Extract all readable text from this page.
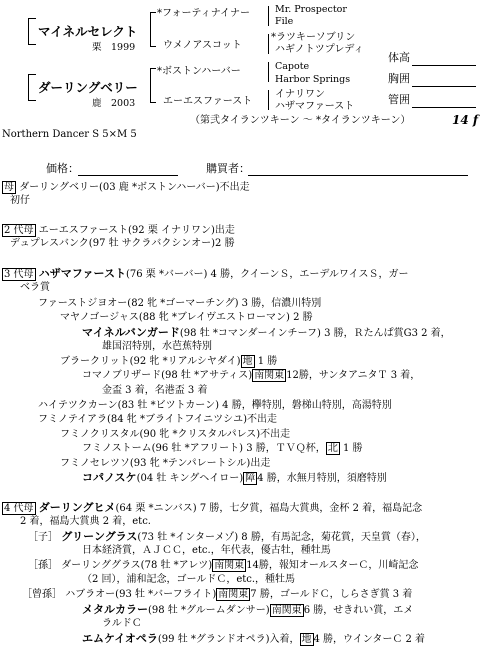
マイネルセレクト
栗　1999
ダーリングベリー
鹿　2003
*フォーティナイナー	Mr. Prospector
File
ウメノアスコット
*ラツキーソブリン
ハギノトツプレディ
*ボストンハーバー	Capote
Harbor Springs
エーエスファースト
イナリワン
ハザマファースト
体高
胸囲
管囲
（第弐タイランツキーン ～ *タイランツキーン）	14 f
Northern Dancer S 5×M 5
価格：	購買者：
母 ダーリングベリー(03 鹿 *ボストンハーバー)不出走
初仔
2 代母 エーエスファースト(92 栗 イナリワン)出走
デュプレスバンク(97 牡 サクラバクシンオー)2 勝
3 代母 ハザマファースト(76 栗 *バーバー) 4 勝，クイーンＳ，エーデルワイスＳ，ガー
ベラ賞
ファーストジヨオー(82 牝 *ゴーマーチング) 3 勝，信濃川特別
マヤノゴージャス(88 牝 *ブレイヴエストローマン) 2 勝
マイネルバンガード(98 牡 *コマンダーインチーフ) 3 勝，Ｒたんぱ賞G3 2 着，
雄国沼特別，水芭蕉特別
ブラークリット(92 牝 *リアルシヤダイ) 地 1 勝
コマノブリザード(98 牡 *アサティス) 南関東 12勝，サンタアニタＴ 3 着，
金盃 3 着，名港盃 3 着
ハイテツクカーン(83 牡 *ビツトカーン) 4 勝，欅特別，磐梯山特別，高湯特別
フミノテイアラ(84 牝 *ブライトフイニツシユ)不出走
フミノクリスタル(90 牝 *クリスタルパレス)不出走
フミノストーム(96 牡 *アフリート) 3 勝，ＴＶＱ杯， 北 1 勝
フミノセレツソ(93 牝 *テンパレートシル)出走
コパノスケ(04 牡 キングヘイロー) 障 4 勝，水無月特別，須磨特別
4 代母 ダーリングヒメ(64 栗 *ニンバス) 7 勝，七夕賞，福島大賞典，金杯 2 着，福島記念
2 着，福島大賞典 2 着，etc.
［子］ グリーングラス(73 牡 *インターメゾ) 8 勝，有馬記念，菊花賞，天皇賞（春），
日本経済賞，ＡＪＣＣ，etc.，年代表，優古牡，種牡馬
［孫］ ダーリンググラス(78 牡 *アレツ) 南関東 14勝，報知オールスターＣ，川崎記念
（2 回），浦和記念，ゴールドＣ，etc.，種牡馬
［曾孫］ ハブラオー(93 牡 *バーフライト) 南関東 7 勝，ゴールドＣ，しらさぎ賞 3 着
メタルカラー(98 牡 *グルームダンサー) 南関東 6 勝，せきれい賞，エメ
ラルドＣ
エムケイオペラ(99 牡 *グランドオペラ)入着， 地 4 勝，ウインターＣ 2 着
